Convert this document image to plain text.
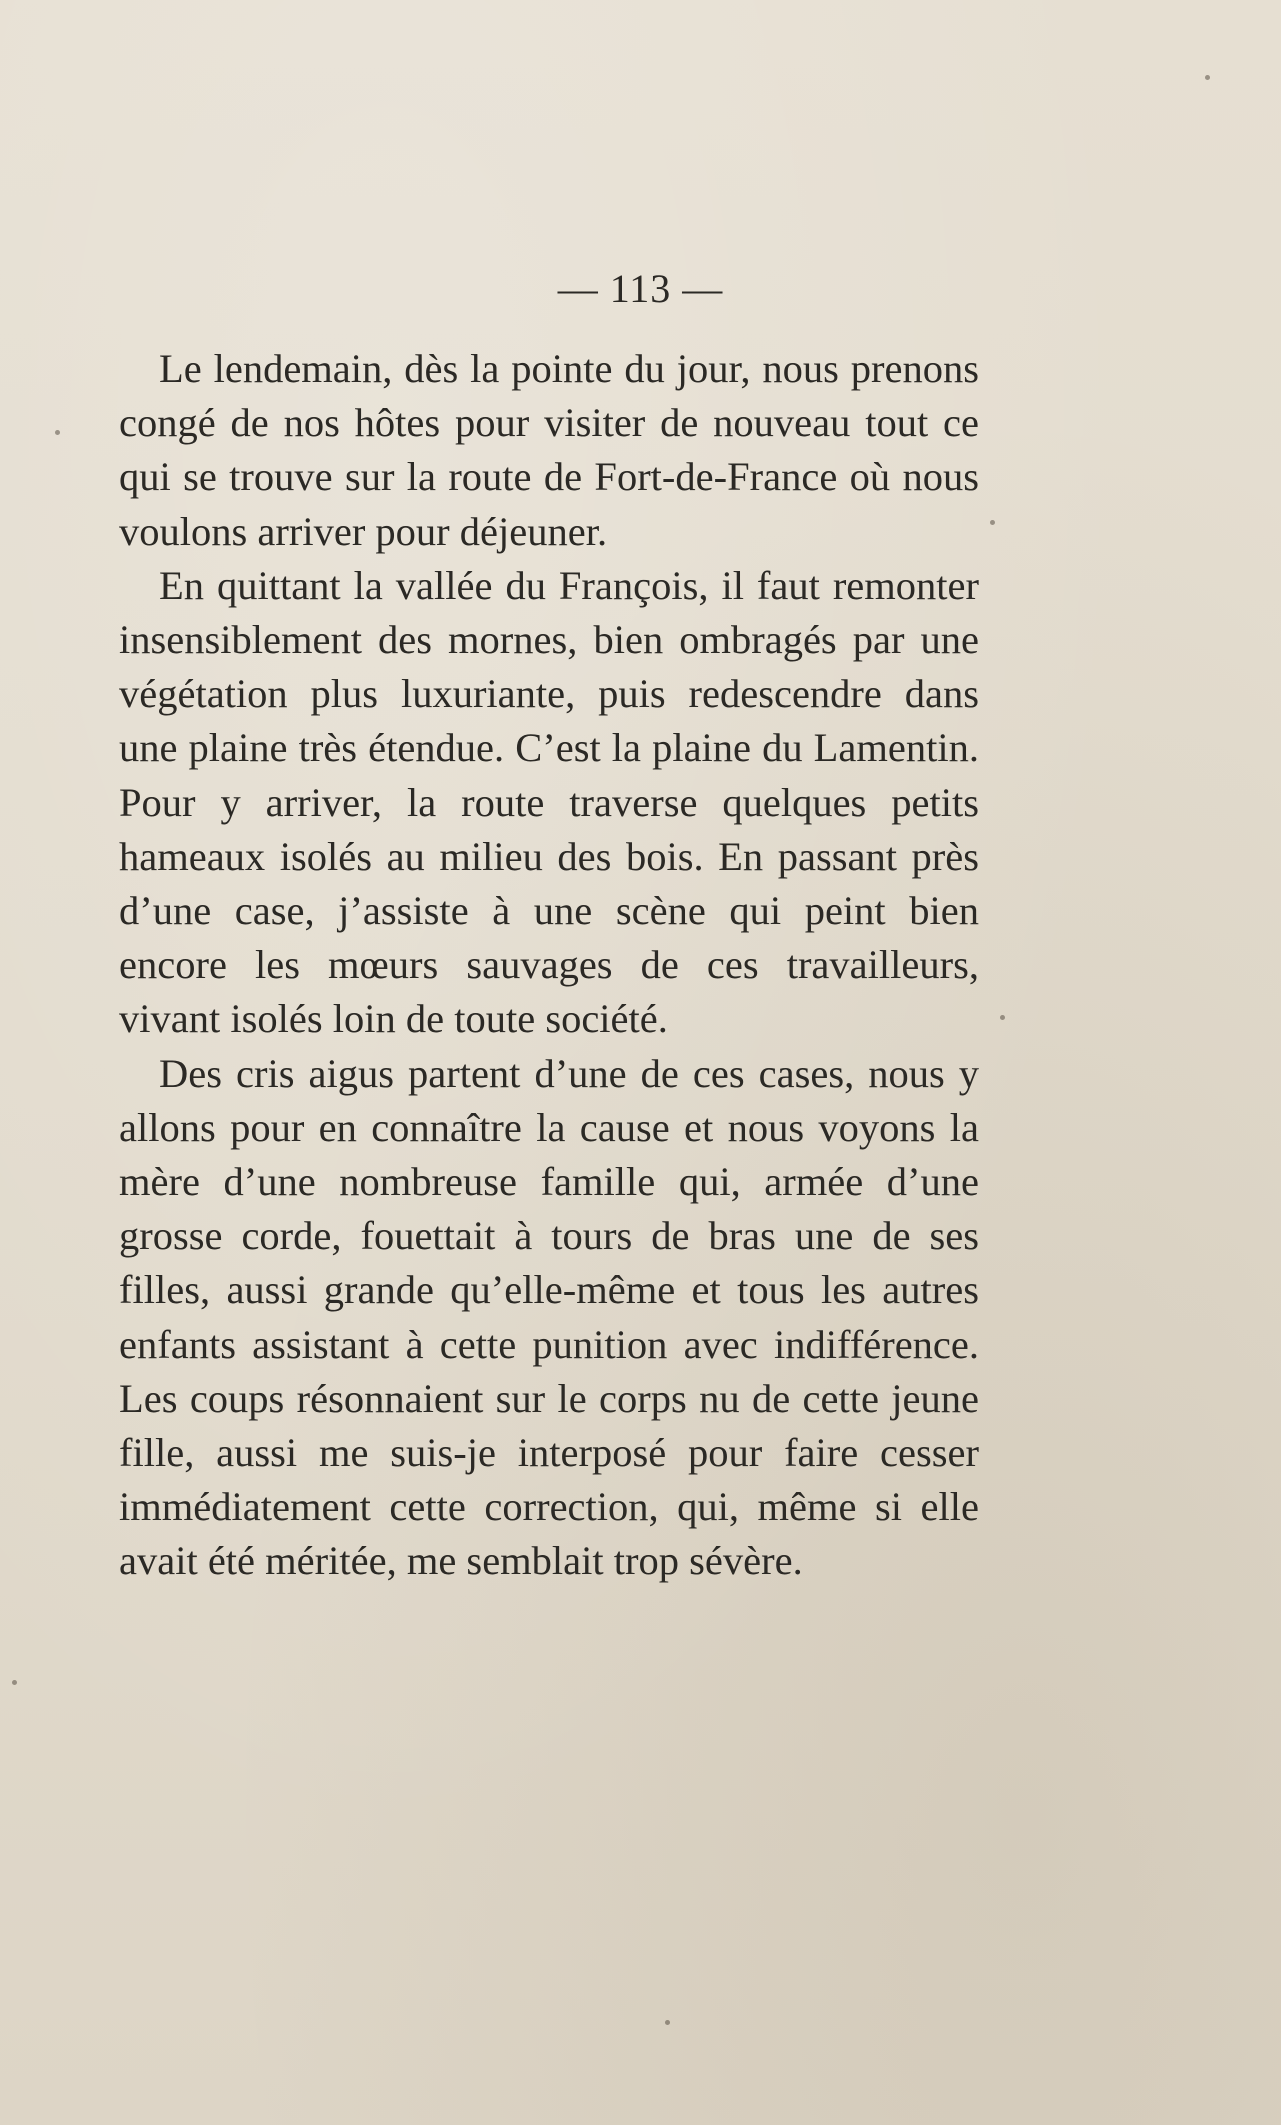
— 113 —

Le lendemain, dès la pointe du jour, nous prenons congé de nos hôtes pour visiter de nouveau tout ce qui se trouve sur la route de Fort-de-France où nous voulons arriver pour déjeuner.

En quittant la vallée du François, il faut remonter insensiblement des mornes, bien ombragés par une végétation plus luxuriante, puis redescendre dans une plaine très étendue. C’est la plaine du Lamentin. Pour y arriver, la route traverse quelques petits hameaux isolés au milieu des bois. En passant près d’une case, j’assiste à une scène qui peint bien encore les mœurs sauvages de ces travailleurs, vivant isolés loin de toute société.

Des cris aigus partent d’une de ces cases, nous y allons pour en connaître la cause et nous voyons la mère d’une nombreuse famille qui, armée d’une grosse corde, fouettait à tours de bras une de ses filles, aussi grande qu’elle-même et tous les autres enfants assistant à cette punition avec indifférence. Les coups résonnaient sur le corps nu de cette jeune fille, aussi me suis-je interposé pour faire cesser immédiatement cette correction, qui, même si elle avait été méritée, me semblait trop sévère.
